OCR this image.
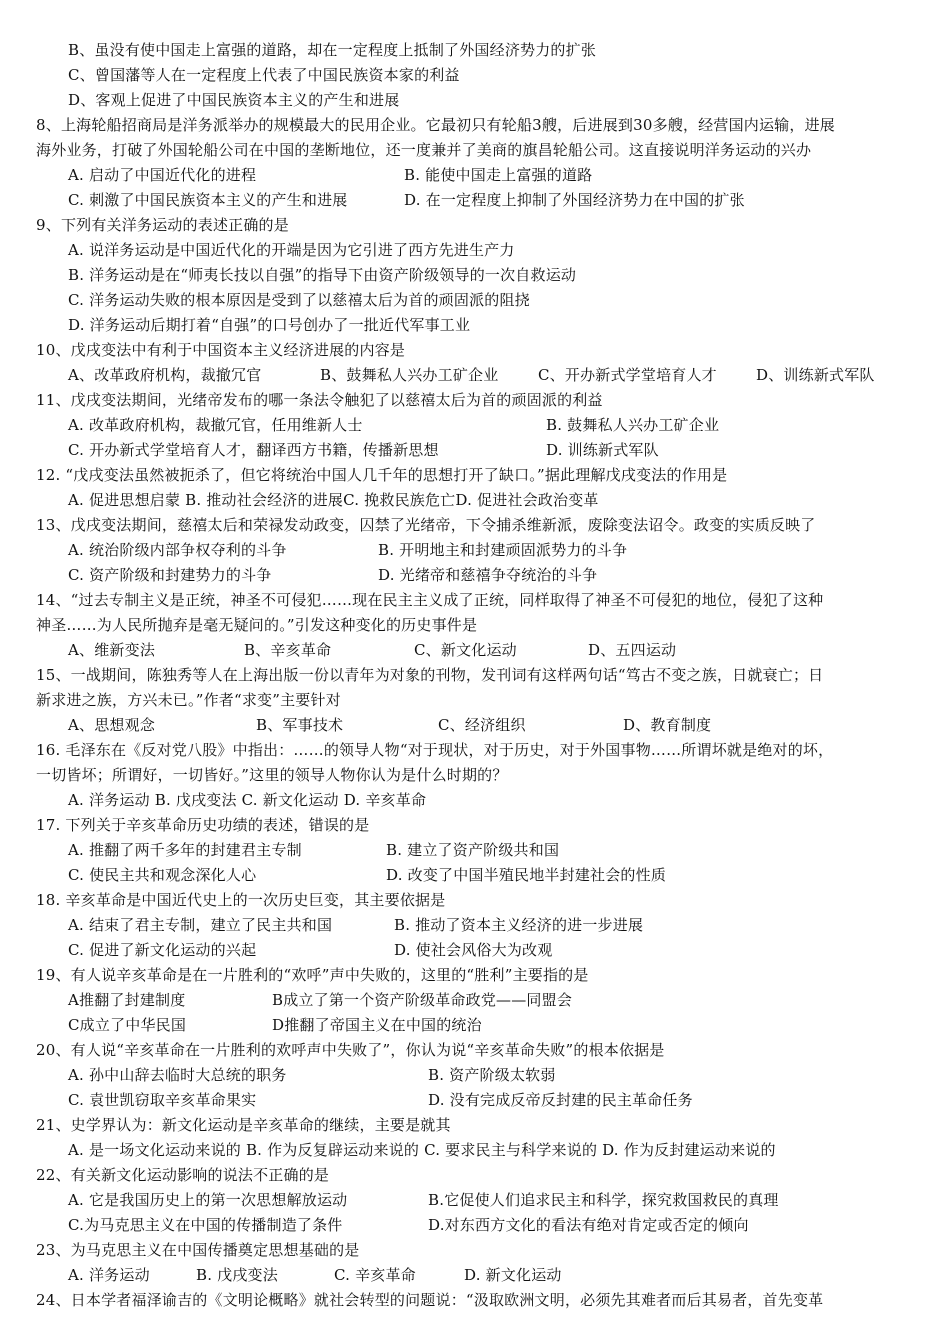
B、虽没有使中国走上富强的道路，却在一定程度上抵制了外国经济势力的扩张
C、曾国藩等人在一定程度上代表了中国民族资本家的利益
D、客观上促进了中国民族资本主义的产生和进展
8、上海轮船招商局是洋务派举办的规模最大的民用企业。它最初只有轮船3艘，后进展到30多艘，经营国内运输，进展
海外业务，打破了外国轮船公司在中国的垄断地位，还一度兼并了美商的旗昌轮船公司。这直接说明洋务运动的兴办
A. 启动了中国近代化的进程	B. 能使中国走上富强的道路
C. 刺激了中国民族资本主义的产生和进展	D. 在一定程度上抑制了外国经济势力在中国的扩张
9、下列有关洋务运动的表述正确的是
A. 说洋务运动是中国近代化的开端是因为它引进了西方先进生产力
B. 洋务运动是在“师夷长技以自强”的指导下由资产阶级领导的一次自救运动
C. 洋务运动失败的根本原因是受到了以慈禧太后为首的顽固派的阻挠
D. 洋务运动后期打着“自强”的口号创办了一批近代军事工业
10、戊戌变法中有利于中国资本主义经济进展的内容是
A、改革政府机构，裁撤冗官	B、鼓舞私人兴办工矿企业	C、开办新式学堂培育人才	D、训练新式军队
11、戊戌变法期间，光绪帝发布的哪一条法令触犯了以慈禧太后为首的顽固派的利益
A. 改革政府机构，裁撤冗官，任用维新人士	B. 鼓舞私人兴办工矿企业
C. 开办新式学堂培育人才，翻译西方书籍，传播新思想	D. 训练新式军队
12. “戊戌变法虽然被扼杀了，但它将统治中国人几千年的思想打开了缺口。”据此理解戊戌变法的作用是
A. 促进思想启蒙 B. 推动社会经济的进展C. 挽救民族危亡D. 促进社会政治变革
13、戊戌变法期间，慈禧太后和荣禄发动政变，囚禁了光绪帝，下令捕杀维新派，废除变法诏令。政变的实质反映了
A. 统治阶级内部争权夺利的斗争	B. 开明地主和封建顽固派势力的斗争
C. 资产阶级和封建势力的斗争	D. 光绪帝和慈禧争夺统治的斗争
14、“过去专制主义是正统，神圣不可侵犯……现在民主主义成了正统，同样取得了神圣不可侵犯的地位，侵犯了这种
神圣……为人民所抛弃是毫无疑问的。”引发这种变化的历史事件是
A、维新变法	B、辛亥革命	C、新文化运动	D、五四运动
15、一战期间，陈独秀等人在上海出版一份以青年为对象的刊物，发刊词有这样两句话“笃古不变之族，日就衰亡；日
新求进之族，方兴未已。”作者“求变”主要针对
A、思想观念	B、军事技术	C、经济组织	D、教育制度
16. 毛泽东在《反对党八股》中指出：……的领导人物“对于现状，对于历史，对于外国事物……所谓坏就是绝对的坏，
一切皆坏；所谓好，一切皆好。”这里的领导人物你认为是什么时期的？
A. 洋务运动 B. 戊戌变法 C. 新文化运动 D. 辛亥革命
17. 下列关于辛亥革命历史功绩的表述，错误的是
A. 推翻了两千多年的封建君主专制	B. 建立了资产阶级共和国
C. 使民主共和观念深化人心	D. 改变了中国半殖民地半封建社会的性质
18. 辛亥革命是中国近代史上的一次历史巨变，其主要依据是
A. 结束了君主专制，建立了民主共和国	B. 推动了资本主义经济的进一步进展
C. 促进了新文化运动的兴起	D. 使社会风俗大为改观
19、有人说辛亥革命是在一片胜利的“欢呼”声中失败的，这里的“胜利”主要指的是
A推翻了封建制度	B成立了第一个资产阶级革命政党——同盟会
C成立了中华民国	D推翻了帝国主义在中国的统治
20、有人说“辛亥革命在一片胜利的欢呼声中失败了”，你认为说“辛亥革命失败”的根本依据是
A. 孙中山辞去临时大总统的职务	B. 资产阶级太软弱
C. 袁世凯窃取辛亥革命果实	D. 没有完成反帝反封建的民主革命任务
21、史学界认为：新文化运动是辛亥革命的继续，主要是就其
A. 是一场文化运动来说的 B. 作为反复辟运动来说的 C. 要求民主与科学来说的 D. 作为反封建运动来说的
22、有关新文化运动影响的说法不正确的是
A. 它是我国历史上的第一次思想解放运动	B.它促使人们追求民主和科学，探究救国救民的真理
C.为马克思主义在中国的传播制造了条件	D.对东西方文化的看法有绝对肯定或否定的倾向
23、为马克思主义在中国传播奠定思想基础的是
A. 洋务运动	B. 戊戌变法	C. 辛亥革命	D. 新文化运动
24、日本学者福泽谕吉的《文明论概略》就社会转型的问题说：“汲取欧洲文明，必须先其难者而后其易者，首先变革
